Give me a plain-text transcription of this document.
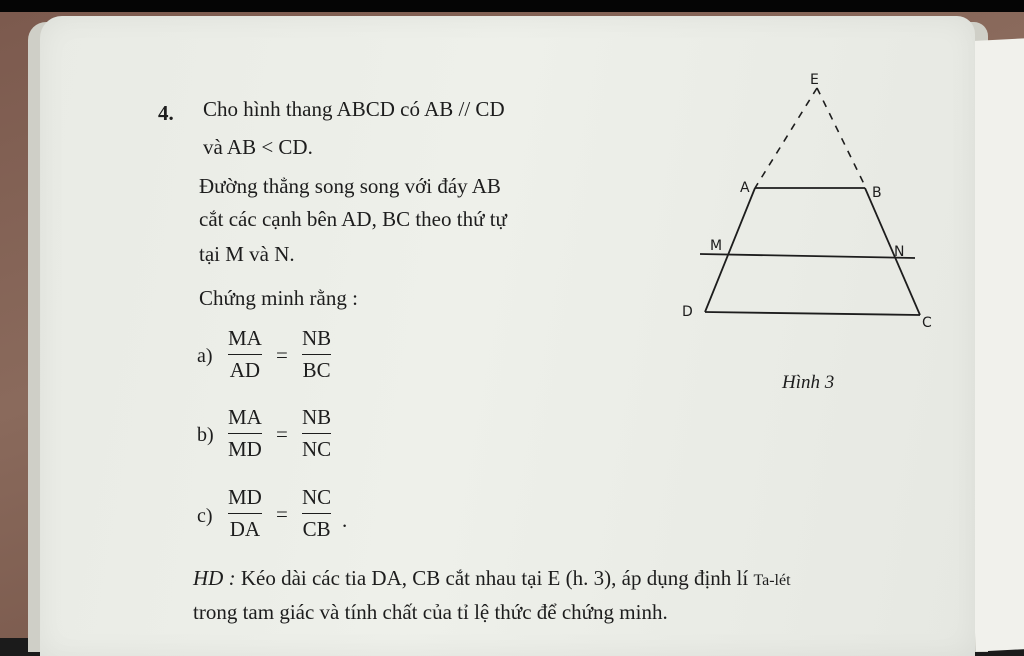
4. Cho hình thang ABCD có AB // CD
và AB < CD.
Đường thẳng song song với đáy AB
cắt các cạnh bên AD, BC theo thứ tự
tại M và N.
Chứng minh rằng :
a)
MA
AD
=
NB
BC
b)
MA
MD
=
NB
NC
c)
MD
DA
=
NC
CB .
HD : Kéo dài các tia DA, CB cắt nhau tại E (h. 3), áp dụng định lí Ta-lét
trong tam giác và tính chất của tỉ lệ thức để chứng minh.
E
A	B
M	N
D
C
Hình 3
